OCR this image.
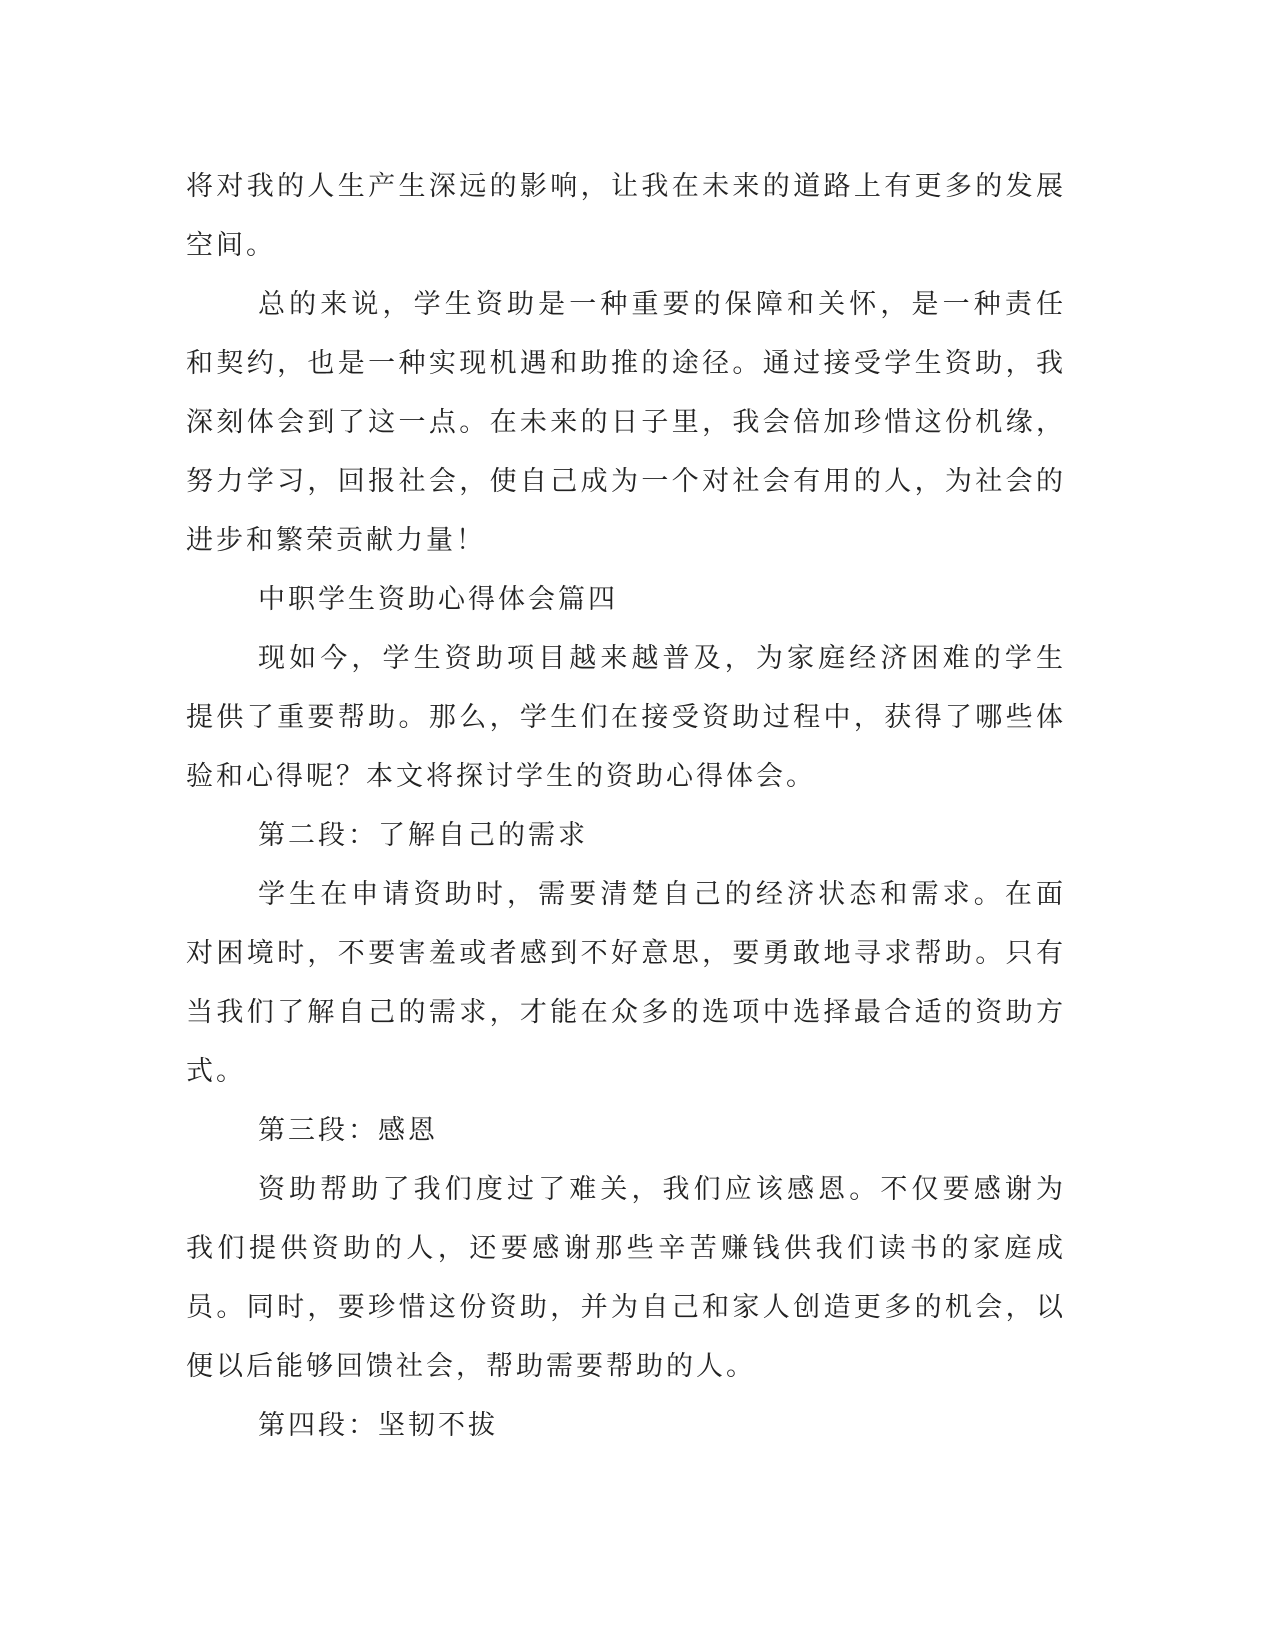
将对我的人生产生深远的影响，让我在未来的道路上有更多的发展空间。

总的来说，学生资助是一种重要的保障和关怀，是一种责任和契约，也是一种实现机遇和助推的途径。通过接受学生资助，我深刻体会到了这一点。在未来的日子里，我会倍加珍惜这份机缘，努力学习，回报社会，使自己成为一个对社会有用的人，为社会的进步和繁荣贡献力量！

中职学生资助心得体会篇四

现如今，学生资助项目越来越普及，为家庭经济困难的学生提供了重要帮助。那么，学生们在接受资助过程中，获得了哪些体验和心得呢？本文将探讨学生的资助心得体会。

第二段：了解自己的需求

学生在申请资助时，需要清楚自己的经济状态和需求。在面对困境时，不要害羞或者感到不好意思，要勇敢地寻求帮助。只有当我们了解自己的需求，才能在众多的选项中选择最合适的资助方式。

第三段：感恩

资助帮助了我们度过了难关，我们应该感恩。不仅要感谢为我们提供资助的人，还要感谢那些辛苦赚钱供我们读书的家庭成员。同时，要珍惜这份资助，并为自己和家人创造更多的机会，以便以后能够回馈社会，帮助需要帮助的人。

第四段：坚韧不拔
